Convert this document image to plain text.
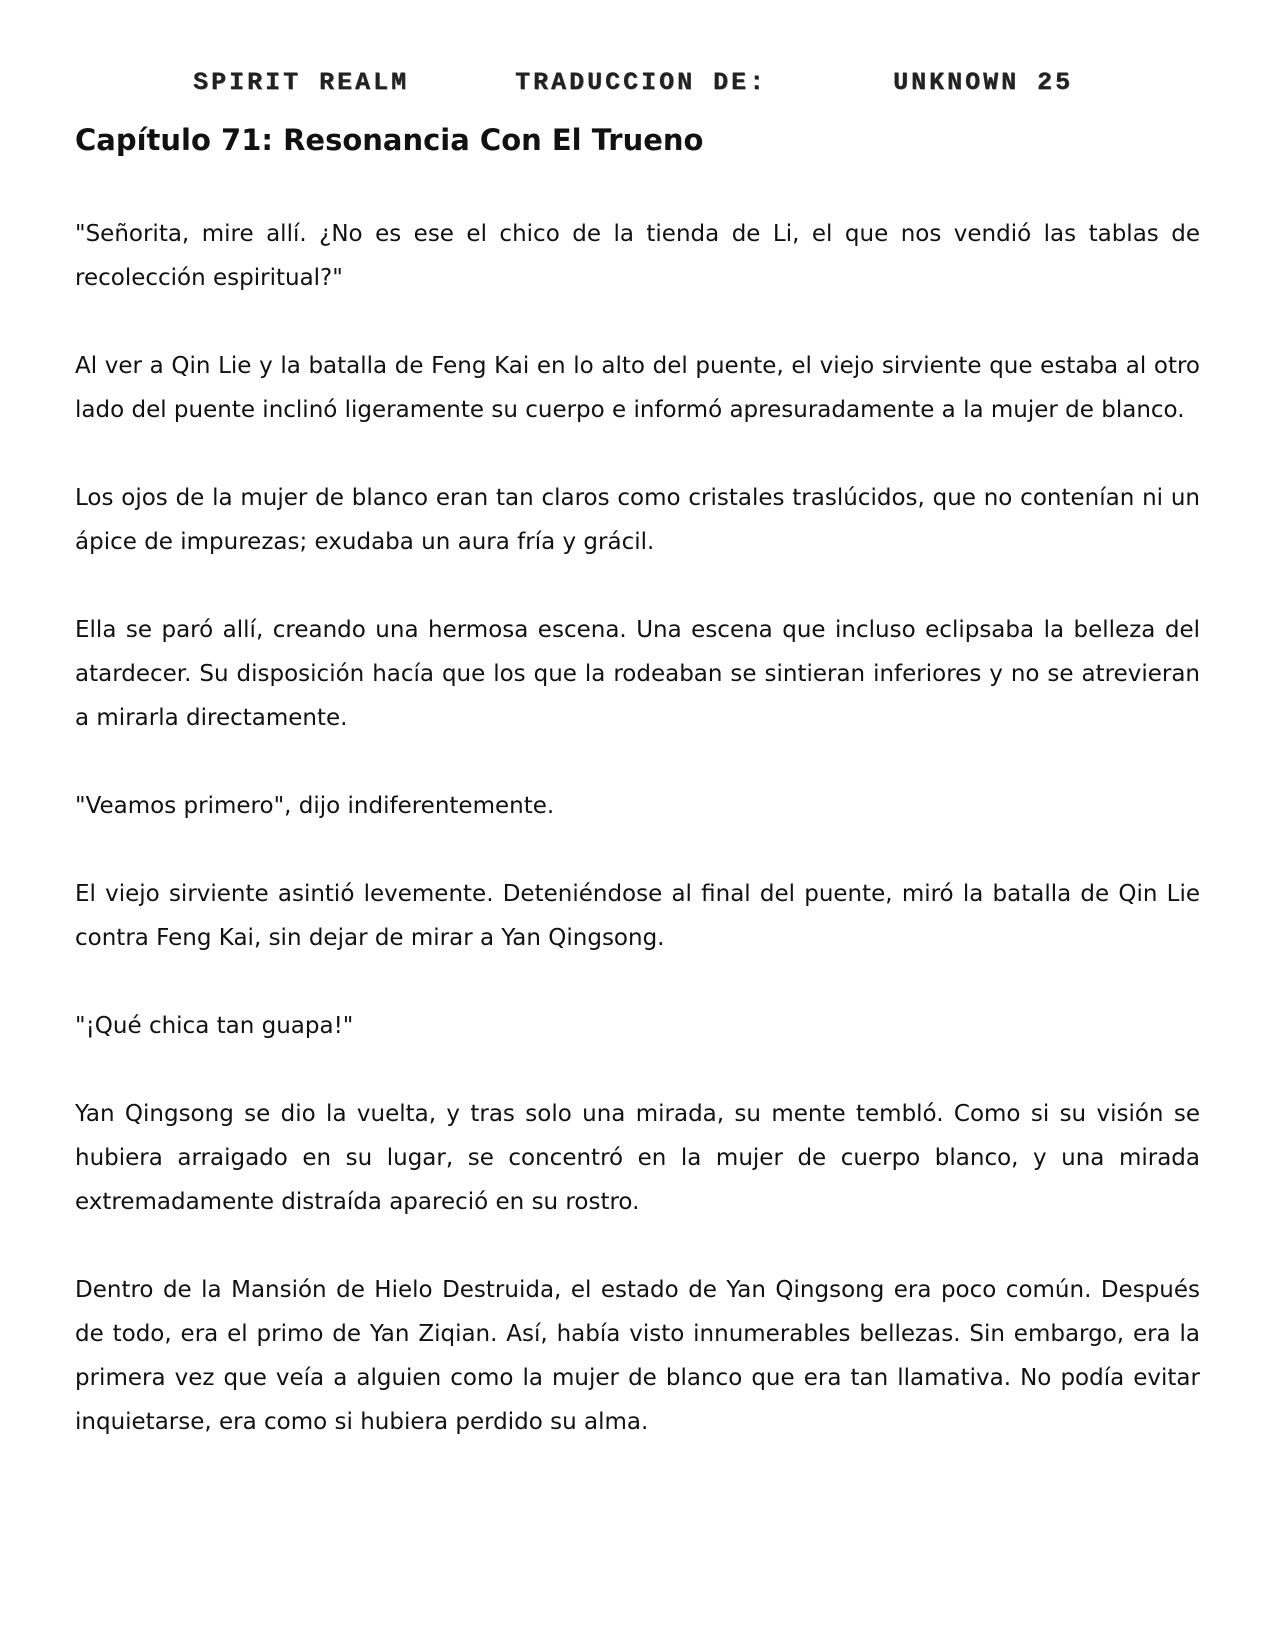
SPIRIT REALM	TRADUCCION DE:	UNKNOWN 25
Capítulo 71: Resonancia Con El Trueno

"Señorita, mire allí. ¿No es ese el chico de la tienda de Li, el que nos vendió las tablas de recolección espiritual?"

Al ver a Qin Lie y la batalla de Feng Kai en lo alto del puente, el viejo sirviente que estaba al otro lado del puente inclinó ligeramente su cuerpo e informó apresuradamente a la mujer de blanco.

Los ojos de la mujer de blanco eran tan claros como cristales traslúcidos, que no contenían ni un ápice de impurezas; exudaba un aura fría y grácil.

Ella se paró allí, creando una hermosa escena. Una escena que incluso eclipsaba la belleza del atardecer. Su disposición hacía que los que la rodeaban se sintieran inferiores y no se atrevieran a mirarla directamente.

"Veamos primero", dijo indiferentemente.

El viejo sirviente asintió levemente. Deteniéndose al final del puente, miró la batalla de Qin Lie contra Feng Kai, sin dejar de mirar a Yan Qingsong.

"¡Qué chica tan guapa!"

Yan Qingsong se dio la vuelta, y tras solo una mirada, su mente tembló. Como si su visión se hubiera arraigado en su lugar, se concentró en la mujer de cuerpo blanco, y una mirada extremadamente distraída apareció en su rostro.

Dentro de la Mansión de Hielo Destruida, el estado de Yan Qingsong era poco común. Después de todo, era el primo de Yan Ziqian. Así, había visto innumerables bellezas. Sin embargo, era la primera vez que veía a alguien como la mujer de blanco que era tan llamativa. No podía evitar inquietarse, era como si hubiera perdido su alma.
